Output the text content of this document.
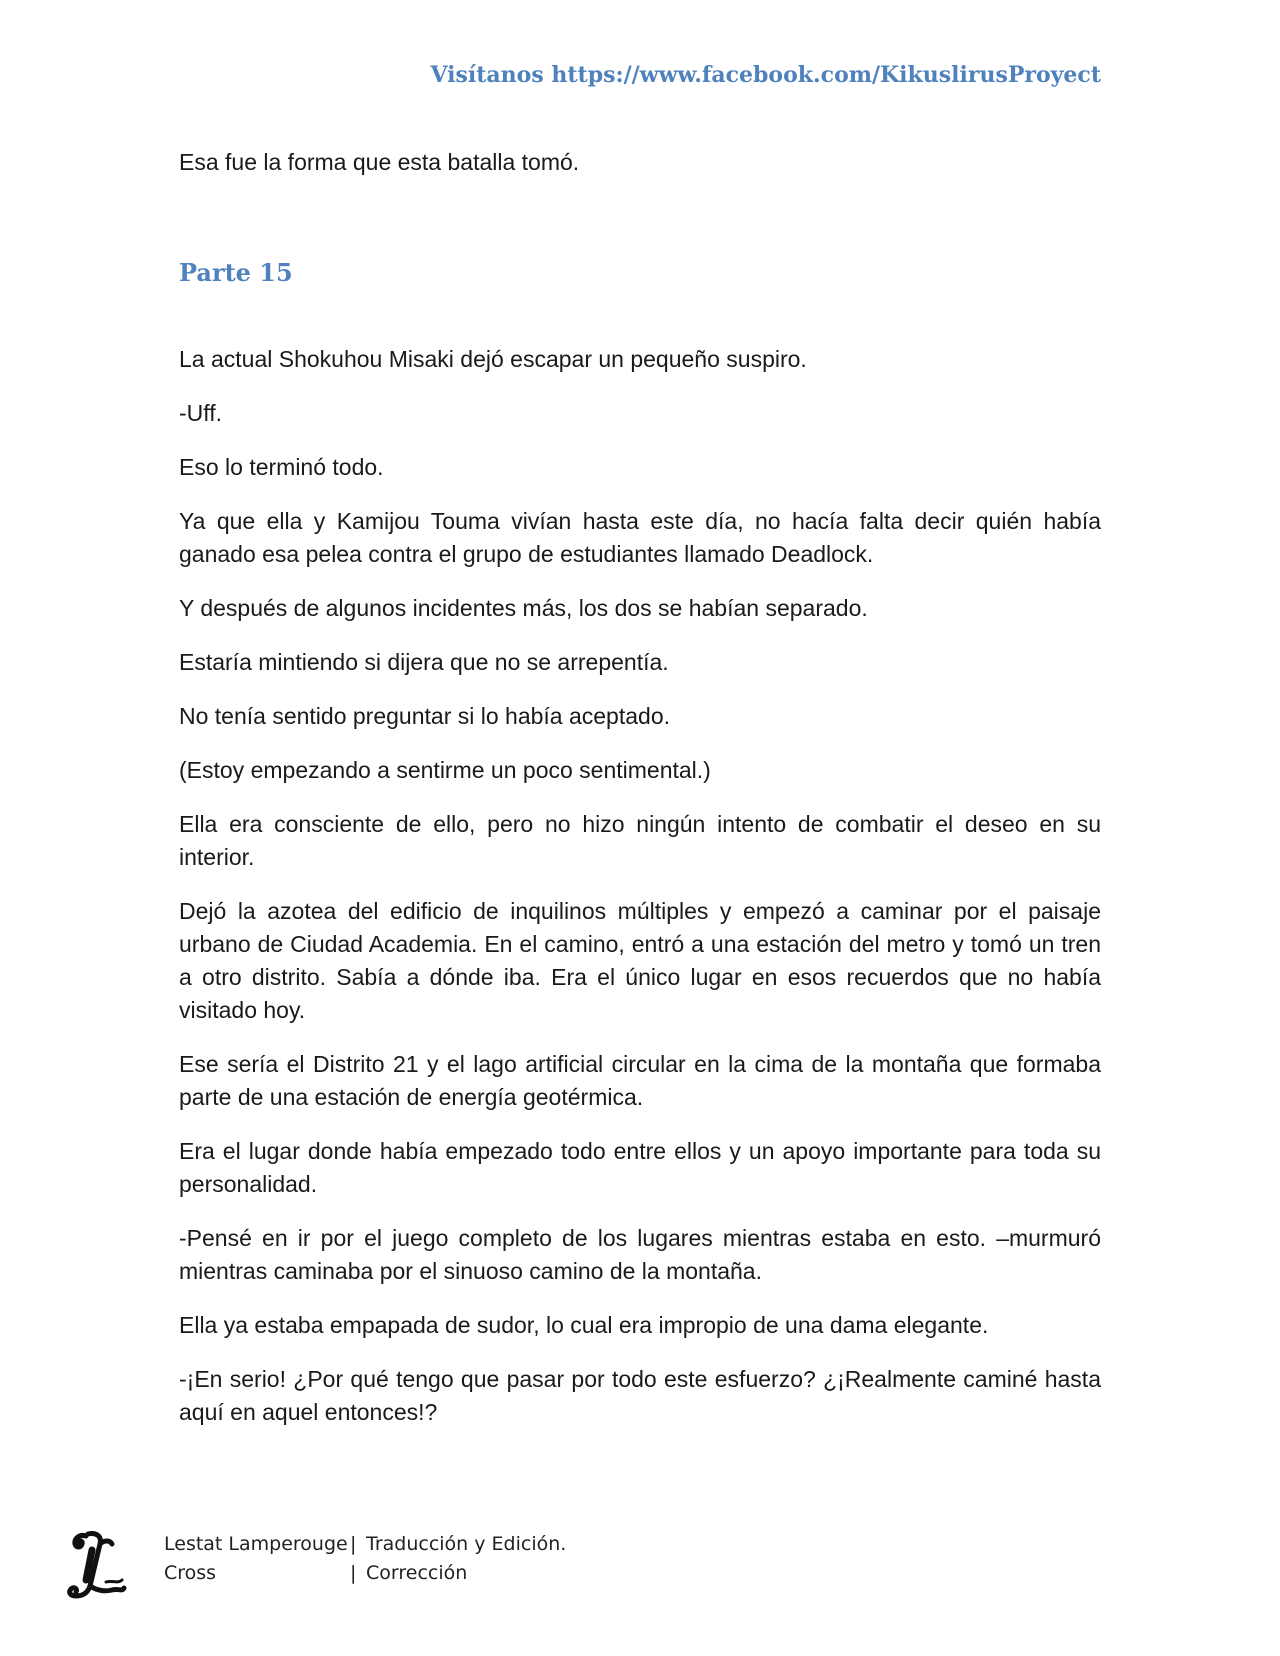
Visítanos https://www.facebook.com/KikuslirusProyect

Esa fue la forma que esta batalla tomó.

Parte 15

La actual Shokuhou Misaki dejó escapar un pequeño suspiro.

-Uff.

Eso lo terminó todo.

Ya que ella y Kamijou Touma vivían hasta este día, no hacía falta decir quién había ganado esa pelea contra el grupo de estudiantes llamado Deadlock.

Y después de algunos incidentes más, los dos se habían separado.

Estaría mintiendo si dijera que no se arrepentía.

No tenía sentido preguntar si lo había aceptado.

(Estoy empezando a sentirme un poco sentimental.)

Ella era consciente de ello, pero no hizo ningún intento de combatir el deseo en su interior.

Dejó la azotea del edificio de inquilinos múltiples y empezó a caminar por el paisaje urbano de Ciudad Academia. En el camino, entró a una estación del metro y tomó un tren a otro distrito. Sabía a dónde iba. Era el único lugar en esos recuerdos que no había visitado hoy.

Ese sería el Distrito 21 y el lago artificial circular en la cima de la montaña que formaba parte de una estación de energía geotérmica.

Era el lugar donde había empezado todo entre ellos y un apoyo importante para toda su personalidad.

-Pensé en ir por el juego completo de los lugares mientras estaba en esto. –murmuró mientras caminaba por el sinuoso camino de la montaña.

Ella ya estaba empapada de sudor, lo cual era impropio de una dama elegante.

-¡En serio! ¿Por qué tengo que pasar por todo este esfuerzo? ¿¡Realmente caminé hasta aquí en aquel entonces!?

Lestat Lamperouge | Traducción y Edición.
Cross	| Corrección
